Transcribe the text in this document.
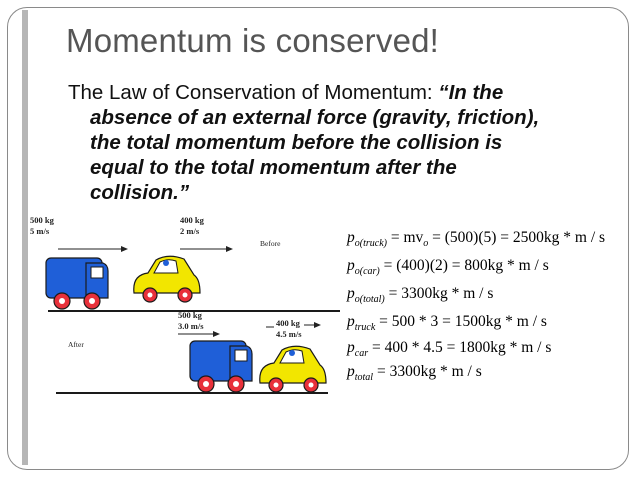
Momentum is conserved!
The Law of Conservation of Momentum: “In the
absence of an external force (gravity, friction),
the total momentum before the collision is
equal to the total momentum after the
collision.”
500 kg
5 m/s
400 kg
2 m/s
Before
After
500 kg
3.0 m/s	400 kg
4.5 m/s
$p_{o(truck)} = mv_o = (500)(5) = 2500kg * m / s$
$p_{o(car)} = (400)(2) = 800kg * m / s$
$p_{o(total)} = 3300kg * m / s$
$p_{truck} = 500 * 3 = 1500kg * m / s$
$p_{car} = 400 * 4.5 = 1800kg * m / s$
$p_{total} = 3300kg * m / s$
